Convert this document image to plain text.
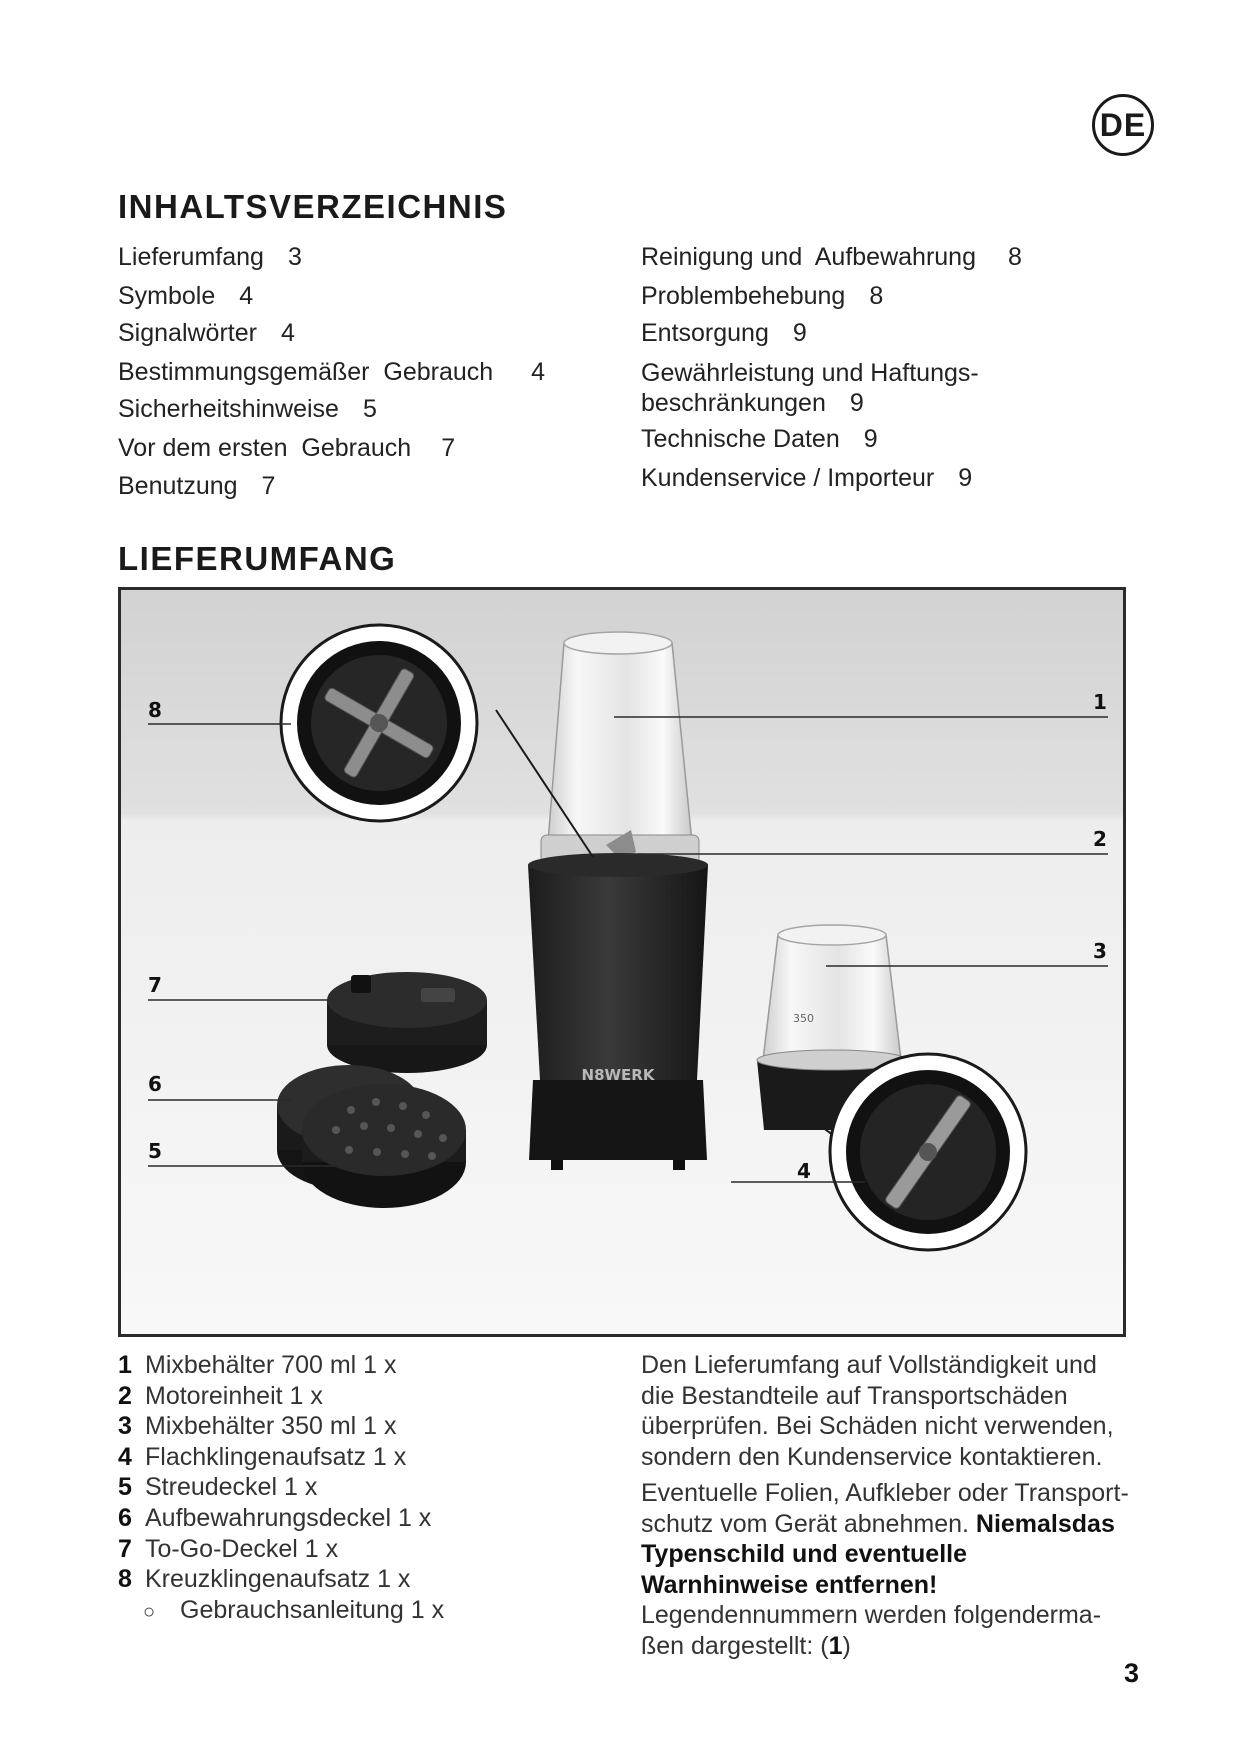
DE
INHALTSVERZEICHNIS
Lieferumfang 3
Symbole 4
Signalwörter 4
Bestimmungsgemäßer  Gebrauch 4
Sicherheitshinweise 5
Vor dem ersten  Gebrauch 7
Benutzung 7
Reinigung und  Aufbewahrung 8
Problembehebung 8
Entsorgung 9
Gewährleistung und Haftungs-
beschränkungen 9
Technische Daten 9
Kundenservice / Importeur 9
LIEFERUMFANG
N8WERK
350
1
2
3
4
5
6
7
8
1 Mixbehälter 700 ml 1 x
2 Motoreinheit 1 x
3 Mixbehälter 350 ml 1 x
4 Flachklingenaufsatz 1 x
5 Streudeckel 1 x
6 Aufbewahrungsdeckel 1 x
7 To-Go-Deckel 1 x
8 Kreuzklingenaufsatz 1 x
○ Gebrauchsanleitung 1 x

Den Lieferumfang auf Vollständigkeit und die Bestandteile auf Transportschäden überprüfen. Bei Schäden nicht verwenden, sondern den Kundenservice kontaktieren.

Eventuelle Folien, Aufkleber oder Transportschutz vom Gerät abnehmen. Niemalsdas Typenschild und eventuelle Warnhinweise entfernen!

Legendennummern werden folgendermaßen dargestellt: (1)

3
